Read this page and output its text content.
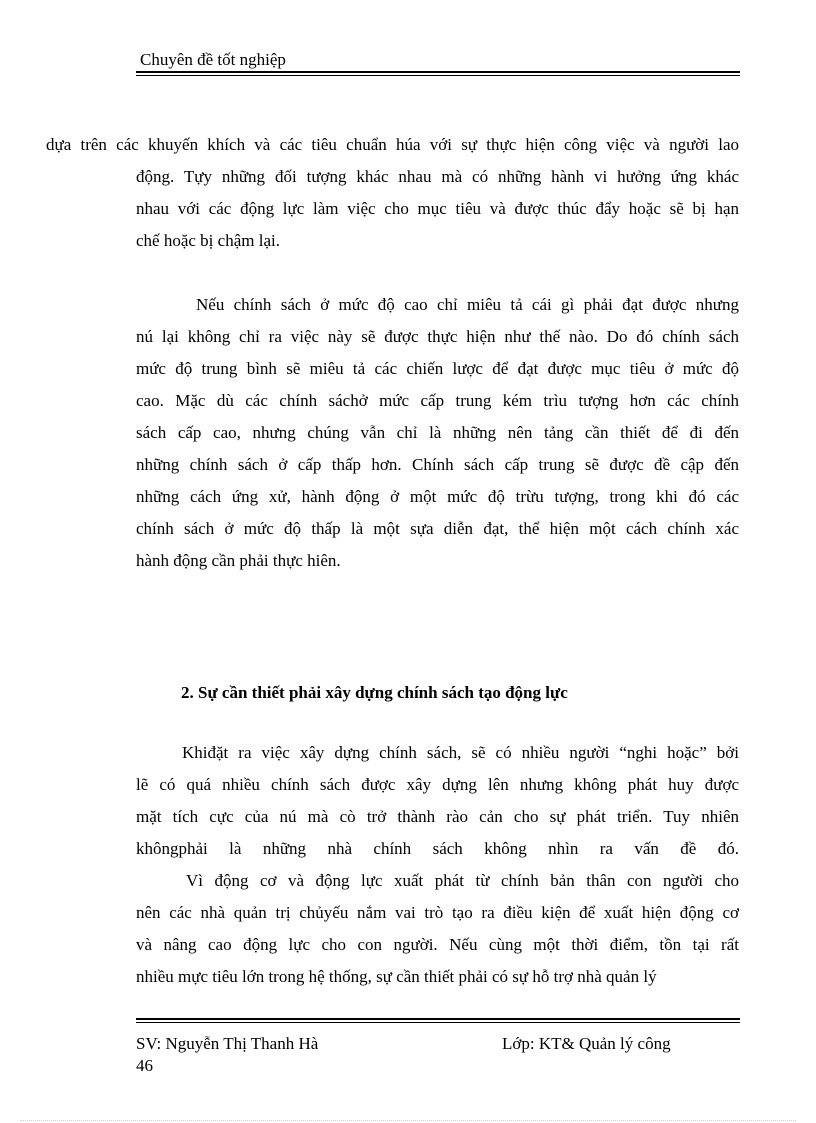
Chuyên đề tốt nghiệp
dựa trên các khuyến khích và các tiêu chuẩn húa với sự thực hiện công việc và người lao
động. Tựy những đối tượng khác nhau mà có những hành vi hưởng ứng khác
nhau với các động lực làm việc cho mục tiêu và được thúc đẩy hoặc sẽ bị hạn
chế hoặc bị chậm lại.
Nếu chính sách ở mức độ cao chỉ miêu tả cái gì phải đạt được nhưng
nú lại không chỉ ra việc này sẽ được thực hiện như thế nào. Do đó chính sách
mức độ trung bình sẽ miêu tả các chiến lược để đạt được mục tiêu ở mức độ
cao. Mặc dù các chính sáchở mức cấp trung kém trìu tượng hơn các chính
sách cấp cao, nhưng chúng vẫn chỉ là những nên tảng cần thiết để đi đến
những chính sách ở cấp thấp hơn. Chính sách cấp trung sẽ được đề cập đến
những cách ứng xử, hành động ở một mức độ trừu tượng, trong khi đó các
chính sách ở mức độ thấp là một sựa diễn đạt, thể hiện một cách chính xác
hành động cần phải thực hiên.
2. Sự cần thiết phải xây dựng chính sách tạo động lực
Khiđặt ra việc xây dựng chính sách, sẽ có nhiều người “nghi hoặc” bởi
lẽ có quá nhiều chính sách được xây dựng lên nhưng không phát huy được
mặt tích cực của nú mà cò trở thành rào cản cho sự phát triển. Tuy nhiên
khôngphải là những nhà chính sách không nhìn ra vấn đề đó.
Vì động cơ và động lực xuất phát từ chính bản thân con người cho
nên các nhà quản trị chủyếu nắm vai trò tạo ra điều kiện để xuất hiện động cơ
và nâng cao động lực cho con người. Nếu cùng một thời điểm, tồn tại rất
nhiều mực tiêu lớn trong hệ thống, sự cần thiết phải có sự hỗ trợ nhà quản lý
SV: Nguyễn Thị Thanh Hà	Lớp: KT& Quản lý công
46
